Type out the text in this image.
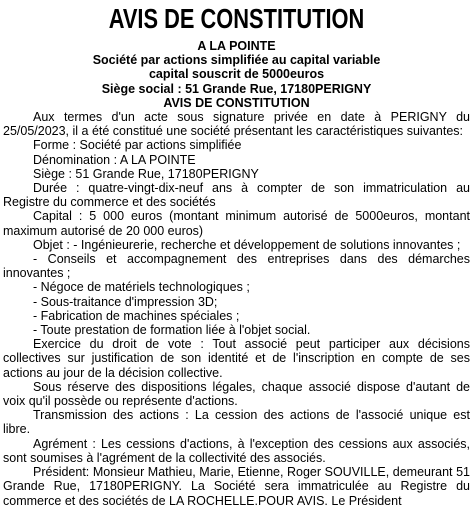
AVIS DE CONSTITUTION

A LA POINTE

Société par actions simplifiée au capital variable

capital souscrit de 5000euros

Siège social : 51 Grande Rue, 17180PERIGNY

AVIS DE CONSTITUTION

Aux termes d'un acte sous signature privée en date à PERIGNY du 25/05/2023, il a été constitué une société présentant les caractéristiques suivantes:

Forme : Société par actions simplifiée

Dénomination : A LA POINTE

Siège : 51 Grande Rue, 17180PERIGNY

Durée : quatre-vingt-dix-neuf ans à compter de son immatriculation au Registre du commerce et des sociétés

Capital : 5 000 euros (montant minimum autorisé de 5000euros, montant maximum autorisé de 20 000 euros)

Objet : - Ingénieurerie, recherche et développement de solutions innovantes ;

- Conseils et accompagnement des entreprises dans des démarches innovantes ;

- Négoce de matériels technologiques ;

- Sous-traitance d'impression 3D;

- Fabrication de machines spéciales ;

- Toute prestation de formation liée à l'objet social.

Exercice du droit de vote : Tout associé peut participer aux décisions collectives sur justification de son identité et de l'inscription en compte de ses actions au jour de la décision collective.

Sous réserve des dispositions légales, chaque associé dispose d'autant de voix qu'il possède ou représente d'actions.

Transmission des actions : La cession des actions de l'associé unique est libre.

Agrément : Les cessions d'actions, à l'exception des cessions aux associés, sont soumises à l'agrément de la collectivité des associés.

Président: Monsieur Mathieu, Marie, Etienne, Roger SOUVILLE, demeurant 51 Grande Rue, 17180PERIGNY. La Société sera immatriculée au Registre du commerce et des sociétés de LA ROCHELLE.POUR AVIS. Le Président
